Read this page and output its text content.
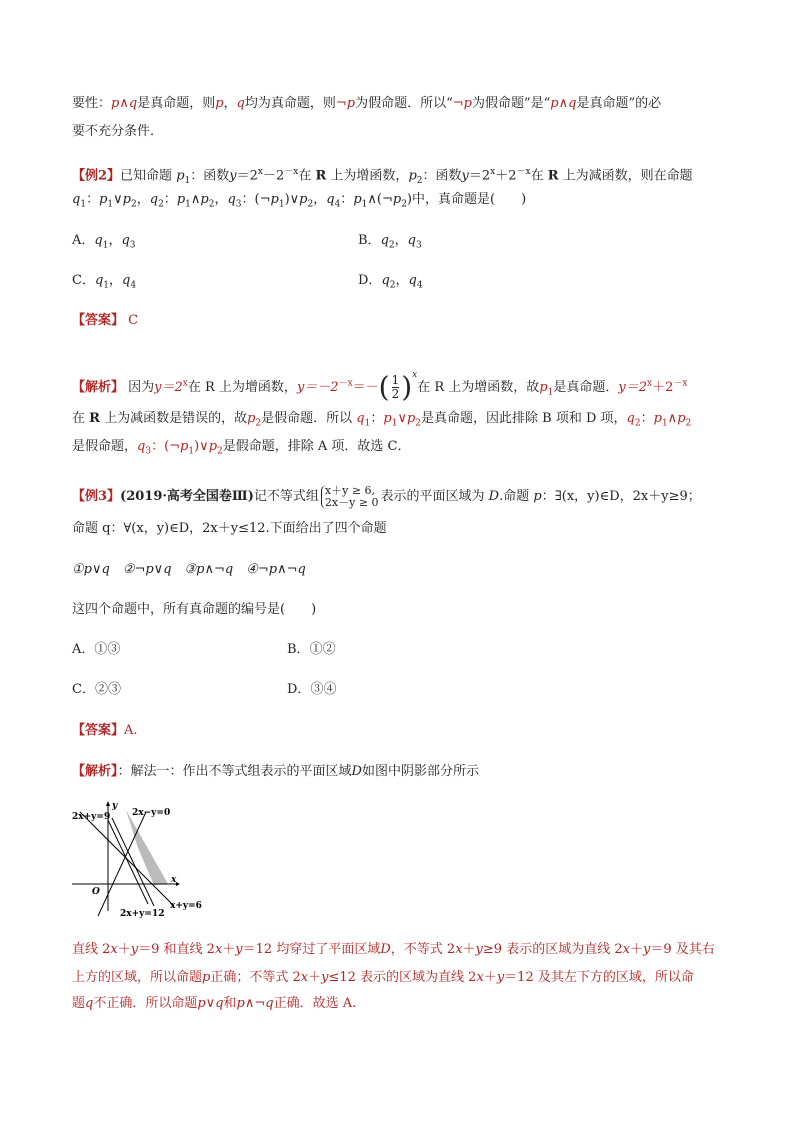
要性：p∧q是真命题，则p，q均为真命题，则¬p为假命题．所以“¬p为假命题”是“p∧q是真命题”的必
要不充分条件．
【例2】已知命题 $p_1$：函数$y=2^x-2^{-x}$在 R 上为增函数，$p_2$：函数$y=2^x+2^{-x}$在 R 上为减函数，则在命题
$q_1$：$p_1\vee p_2$，$q_2$：$p_1\wedge p_2$，$q_3$：$(\neg p_1)\vee p_2$，$q_4$：$p_1\wedge(\neg p_2)$中，真命题是(　　)
A．$q_1$，$q_3$	B．$q_2$，$q_3$
C．$q_1$，$q_4$	D．$q_2$，$q_4$
【答案】 C
【解析】 因为$y=2^x$在 R 上为增函数，$y=-2^{-x}=-( \frac{1}{2} )^x$在 R 上为增函数，故$p_1$是真命题．$y=2^x+2^{-x}$
在 R 上为减函数是错误的，故$p_2$是假命题．所以 $q_1$：$p_1\vee p_2$是真命题，因此排除 B 项和 D 项，$q_2$：$p_1\wedge p_2$
是假命题，$q_3$：$(\neg p_1)\vee p_2$是假命题，排除 A 项．故选 C．
【例3】(2019·高考全国卷Ⅲ)记不等式组 x＋y ≥ 6,
2x－y ≥ 0 表示的平面区域为 D.命题 p：∃(x，y)∈D，2x＋y≥9；
命题 q：∀(x，y)∈D，2x＋y≤12.下面给出了四个命题
①p∨q　②¬p∨q　③p∧¬q　④¬p∧¬q
这四个命题中，所有真命题的编号是(　　)
A．①③	B．①②
C．②③	D．③④
【答案】A.
【解析】：解法一：作出不等式组表示的平面区域D如图中阴影部分所示
2x+y=9 2x−y=0
y
x
O
2x+y=12
x+y=6
直线 2x＋y＝9 和直线 2x＋y＝12 均穿过了平面区域D，不等式 2x＋y≥9 表示的区域为直线 2x＋y＝9 及其右
上方的区域，所以命题p正确；不等式 2x＋y≤12 表示的区域为直线 2x＋y＝12 及其左下方的区域，所以命
题q不正确．所以命题p∨q和p∧¬q正确．故选 A.
